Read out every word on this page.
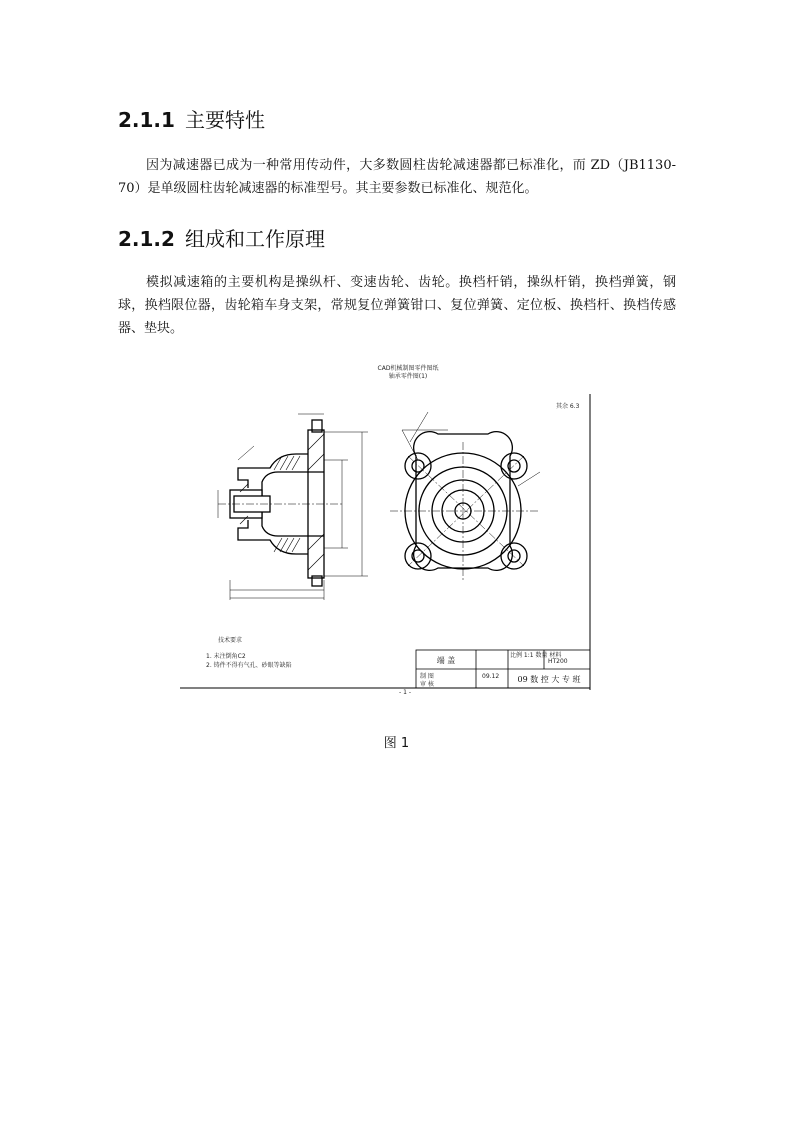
2.1.1 主要特性

因为减速器已成为一种常用传动件，大多数圆柱齿轮减速器都已标准化，而 ZD（JB1130-70）是单级圆柱齿轮减速器的标准型号。其主要参数已标准化、规范化。

2.1.2 组成和工作原理

模拟减速箱的主要机构是操纵杆、变速齿轮、齿轮。换档杆销，操纵杆销，换档弹簧，钢球，换档限位器，齿轮箱车身支架，常规复位弹簧钳口、复位弹簧、定位板、换档杆、换档传感器、垫块。

CAD机械制图零件图纸
轴承零件图(1)
其余 6.3
技术要求
1. 未注倒角C2
2. 铸件不得有气孔、砂眼等缺陷
端 盖
比例 1:1 数量 材料
HT200
制 图
审 核
09.12 09 数 控 大 专 班
- 1 -
图 1
